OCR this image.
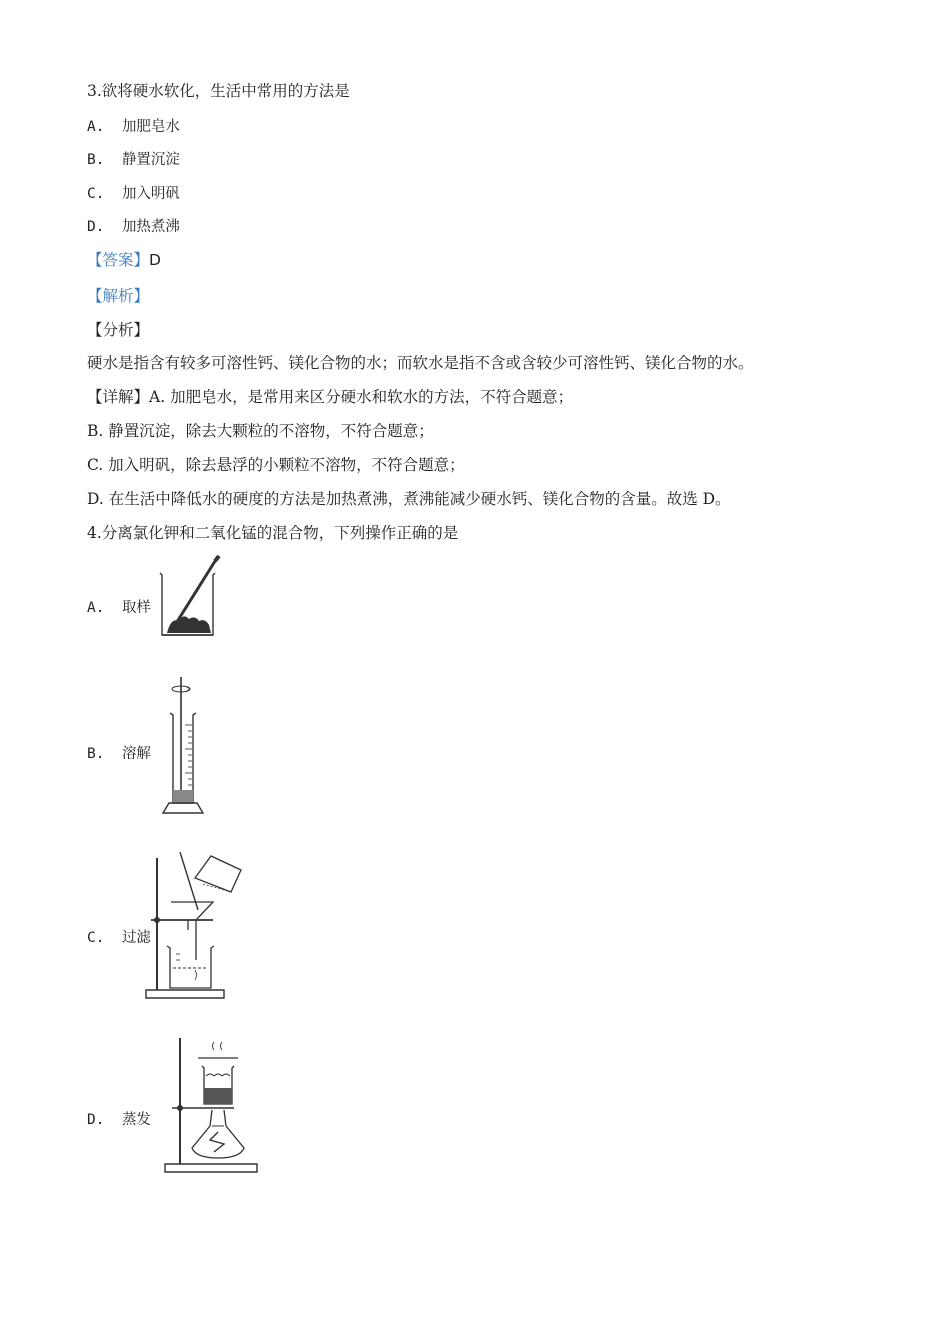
3.欲将硬水软化，生活中常用的方法是
A. 加肥皂水
B. 静置沉淀
C. 加入明矾
D. 加热煮沸
【答案】D
【解析】
【分析】
硬水是指含有较多可溶性钙、镁化合物的水；而软水是指不含或含较少可溶性钙、镁化合物的水。
【详解】A. 加肥皂水，是常用来区分硬水和软水的方法，不符合题意；
B. 静置沉淀，除去大颗粒的不溶物，不符合题意；
C. 加入明矾，除去悬浮的小颗粒不溶物，不符合题意；
D. 在生活中降低水的硬度的方法是加热煮沸，煮沸能减少硬水钙、镁化合物的含量。故选 D。
4.分离氯化钾和二氧化锰的混合物，下列操作正确的是
A. 取样
B. 溶解
C. 过滤
D. 蒸发
